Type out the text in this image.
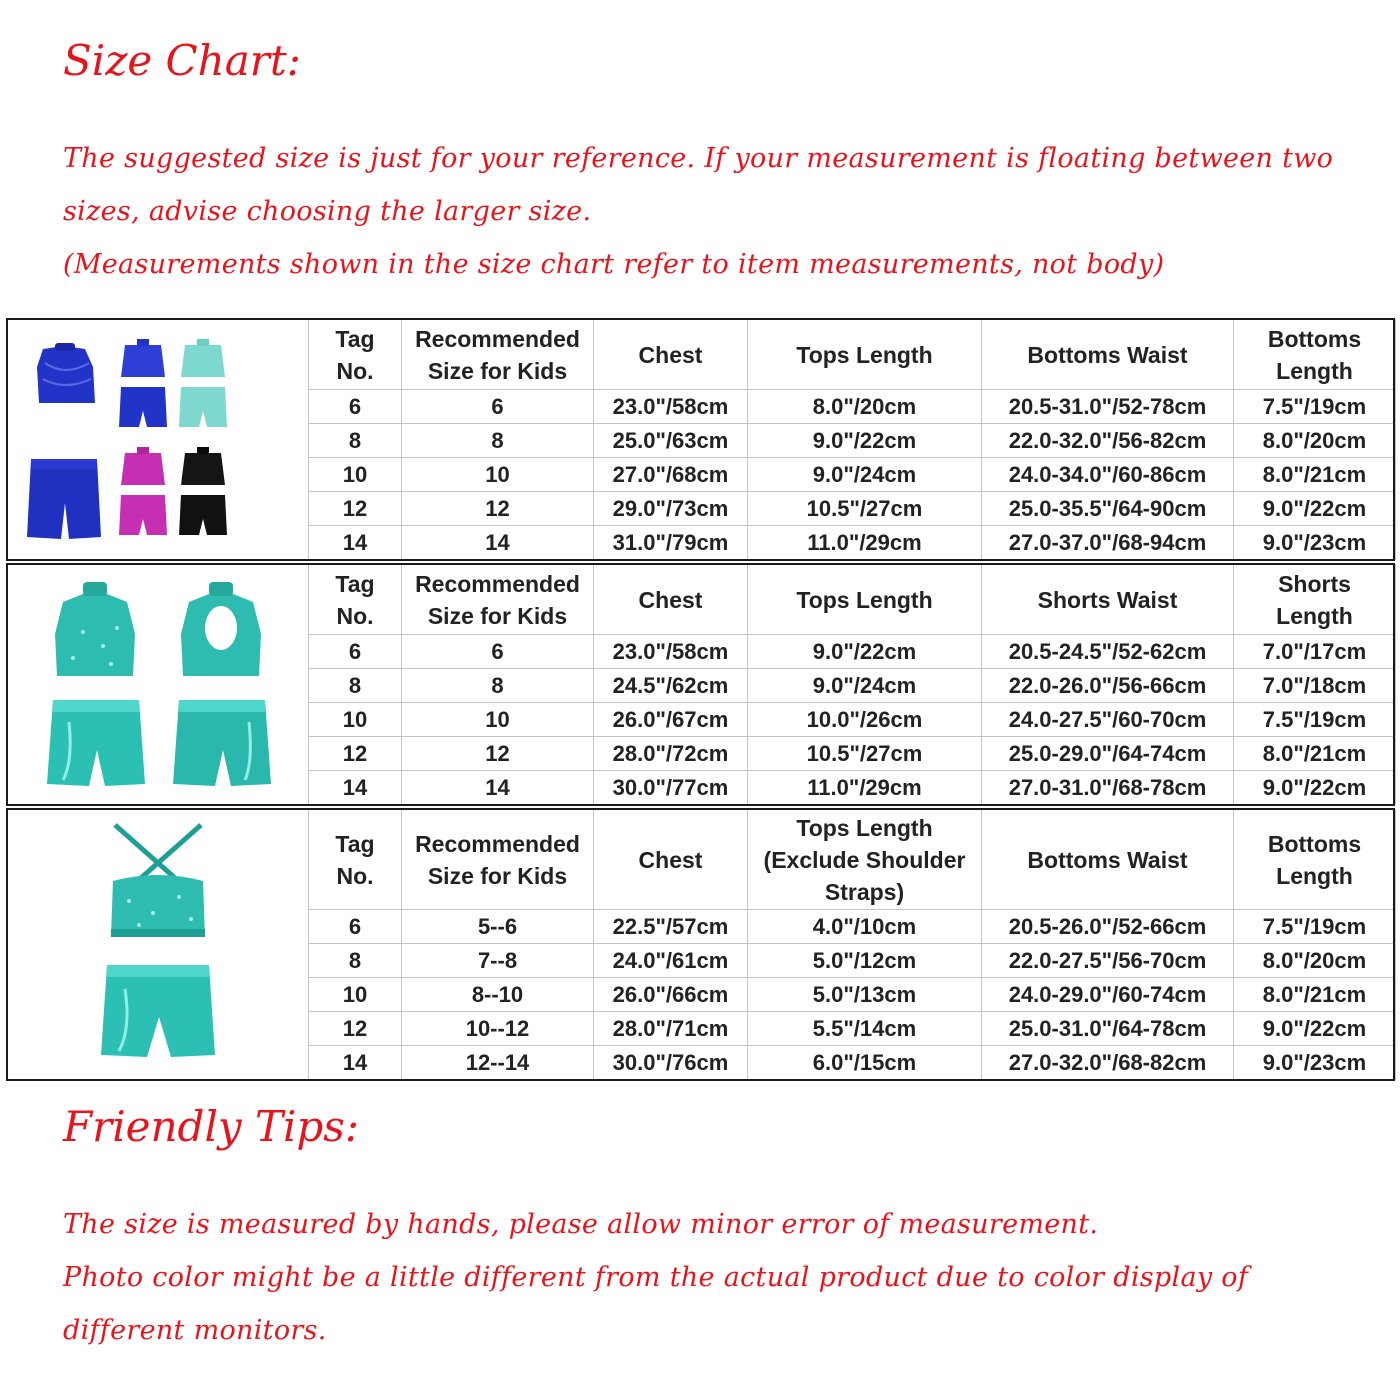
Size Chart:
The suggested size is just for your reference. If your measurement is floating between two
sizes, advise choosing the larger size.
(Measurements shown in the size chart refer to item measurements, not body)
	Tag
No.	Recommended
Size for Kids	Chest	Tops Length	Bottoms Waist	Bottoms
Length
	6	6	23.0"/58cm	8.0"/20cm	20.5-31.0"/52-78cm	7.5"/19cm
	8	8	25.0"/63cm	9.0"/22cm	22.0-32.0"/56-82cm	8.0"/20cm
	10	10	27.0"/68cm	9.0"/24cm	24.0-34.0"/60-86cm	8.0"/21cm
	12	12	29.0"/73cm	10.5"/27cm	25.0-35.5"/64-90cm	9.0"/22cm
	14	14	31.0"/79cm	11.0"/29cm	27.0-37.0"/68-94cm	9.0"/23cm
	Tag
No.	Recommended
Size for Kids	Chest	Tops Length	Shorts Waist	Shorts
Length
	6	6	23.0"/58cm	9.0"/22cm	20.5-24.5"/52-62cm	7.0"/17cm
	8	8	24.5"/62cm	9.0"/24cm	22.0-26.0"/56-66cm	7.0"/18cm
	10	10	26.0"/67cm	10.0"/26cm	24.0-27.5"/60-70cm	7.5"/19cm
	12	12	28.0"/72cm	10.5"/27cm	25.0-29.0"/64-74cm	8.0"/21cm
	14	14	30.0"/77cm	11.0"/29cm	27.0-31.0"/68-78cm	9.0"/22cm
	Tag
No.	Recommended
Size for Kids	Chest	Tops Length
(Exclude Shoulder
Straps)	Bottoms Waist	Bottoms
Length
	6	5--6	22.5"/57cm	4.0"/10cm	20.5-26.0"/52-66cm	7.5"/19cm
	8	7--8	24.0"/61cm	5.0"/12cm	22.0-27.5"/56-70cm	8.0"/20cm
	10	8--10	26.0"/66cm	5.0"/13cm	24.0-29.0"/60-74cm	8.0"/21cm
	12	10--12	28.0"/71cm	5.5"/14cm	25.0-31.0"/64-78cm	9.0"/22cm
	14	12--14	30.0"/76cm	6.0"/15cm	27.0-32.0"/68-82cm	9.0"/23cm
Friendly Tips:
The size is measured by hands, please allow minor error of measurement.
Photo color might be a little different from the actual product due to color display of
different monitors.
